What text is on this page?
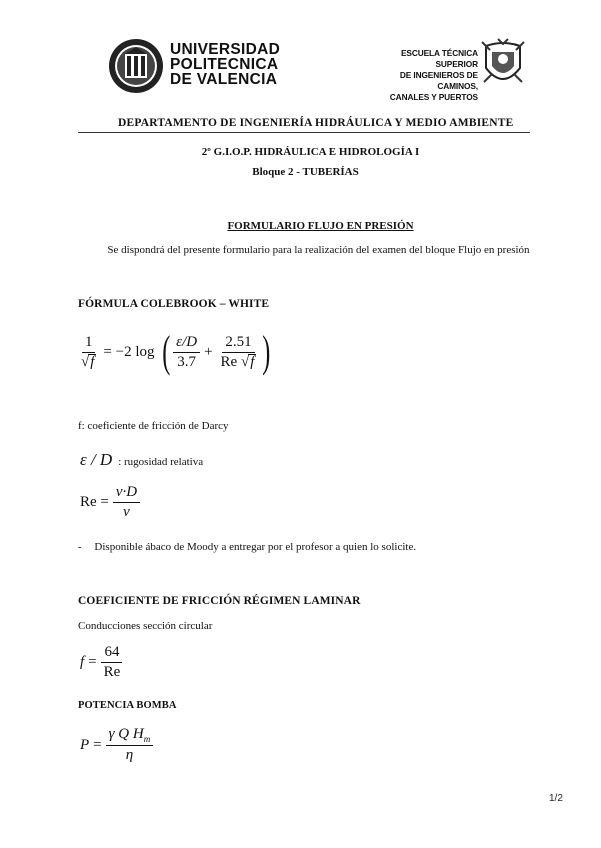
UNIVERSIDAD
POLITECNICA
DE VALENCIA
ESCUELA TÉCNICA SUPERIOR
DE INGENIEROS DE CAMINOS,
CANALES Y PUERTOS
DEPARTAMENTO DE INGENIERÍA HIDRÁULICA Y MEDIO AMBIENTE
2º G.I.O.P. HIDRÁULICA E HIDROLOGÍA I
Bloque 2 - TUBERÍAS
FORMULARIO FLUJO EN PRESIÓN
Se dispondrá del presente formulario para la realización del examen del bloque Flujo en presión
FÓRMULA COLEBROOK – WHITE
$\frac{1}{√ f} = -2$ log ( $\frac{\varepsilon/D}{3.7} + \frac{2.51}{Re √ f}$ )
f: coeficiente de fricción de Darcy
ε / D : rugosidad relativa
$Re = \frac{v\cdot D}{\nu}$
- Disponible ábaco de Moody a entregar por el profesor a quien lo solicite.
COEFICIENTE DE FRICCIÓN RÉGIMEN LAMINAR
Conducciones sección circular
$f = \frac{64}{Re}$
POTENCIA BOMBA
$P = \frac{\gamma Q H_m}{\eta}$
1/2
